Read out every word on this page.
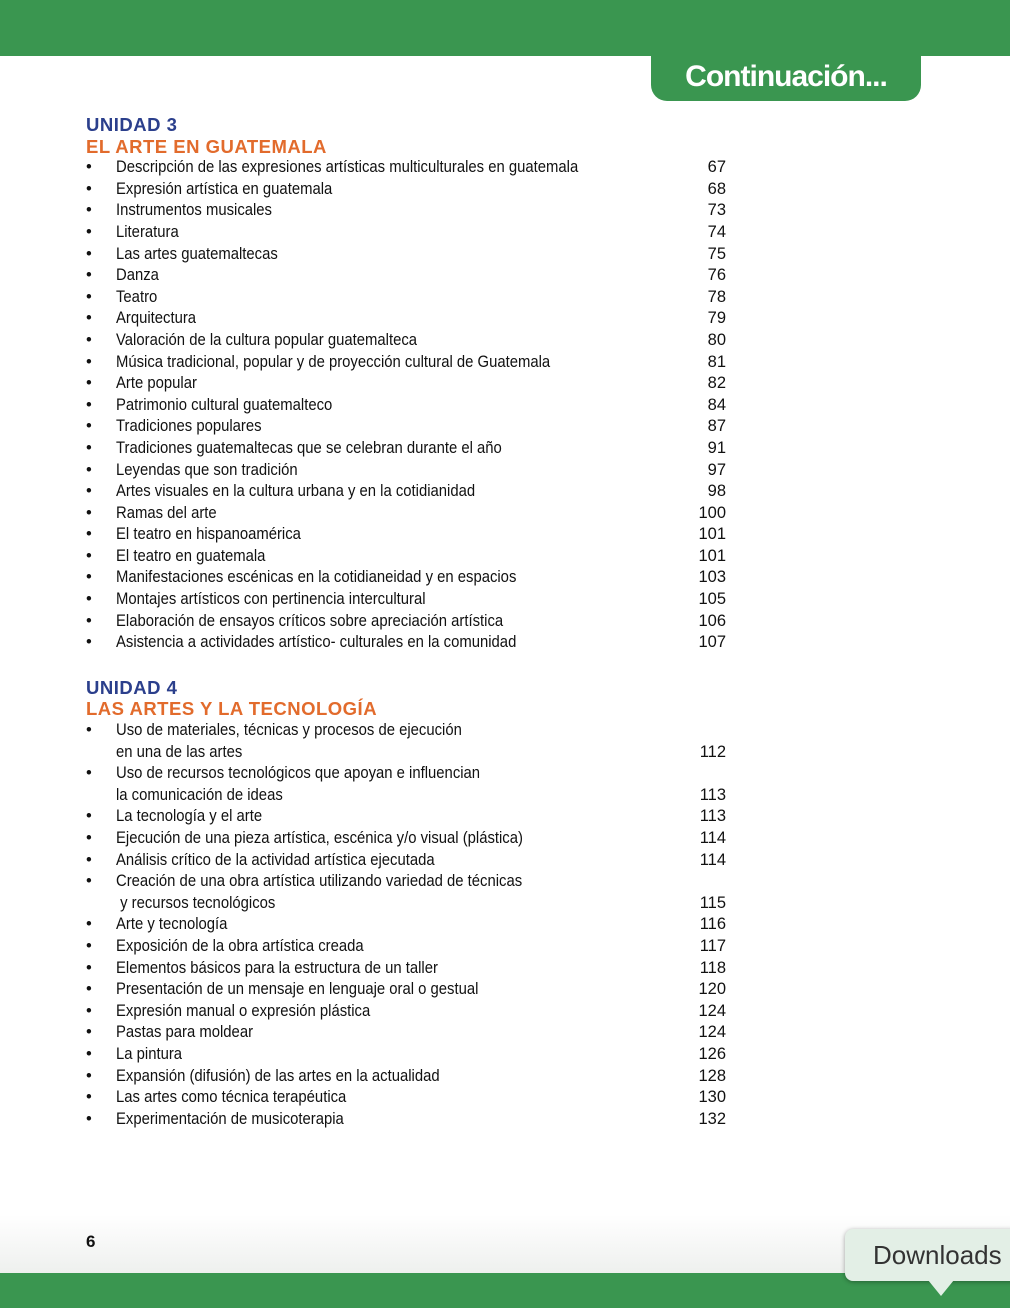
Continuación...
UNIDAD 3
EL ARTE EN GUATEMALA
• Descripción de las expresiones artísticas multiculturales en guatemala	67
• Expresión artística en guatemala	68
• Instrumentos musicales	73
• Literatura	74
• Las artes guatemaltecas	75
• Danza	76
• Teatro	78
• Arquitectura	79
• Valoración de la cultura popular guatemalteca	80
• Música tradicional, popular y de proyección cultural de Guatemala	81
• Arte popular	82
• Patrimonio cultural guatemalteco	84
• Tradiciones populares	87
• Tradiciones guatemaltecas que se celebran durante el año	91
• Leyendas que son tradición	97
• Artes visuales en la cultura urbana y en la cotidianidad	98
• Ramas del arte	100
• El teatro en hispanoamérica	101
• El teatro en guatemala	101
• Manifestaciones escénicas en la cotidianeidad y en espacios	103
• Montajes artísticos con pertinencia intercultural	105
• Elaboración de ensayos críticos sobre apreciación artística	106
• Asistencia a actividades artístico- culturales en la comunidad	107
UNIDAD 4
LAS ARTES Y LA TECNOLOGÍA
• Uso de materiales, técnicas y procesos de ejecución
en una de las artes	112
• Uso de recursos tecnológicos que apoyan e influencian
la comunicación de ideas	113
• La tecnología y el arte	113
• Ejecución de una pieza artística, escénica y/o visual (plástica)	114
• Análisis crítico de la actividad artística ejecutada	114
• Creación de una obra artística utilizando variedad de técnicas
y recursos tecnológicos	115
• Arte y tecnología	116
• Exposición de la obra artística creada	117
• Elementos básicos para la estructura de un taller	118
• Presentación de un mensaje en lenguaje oral o gestual	120
• Expresión manual o expresión plástica	124
• Pastas para moldear	124
• La pintura	126
• Expansión (difusión) de las artes en la actualidad	128
• Las artes como técnica terapéutica	130
• Experimentación de musicoterapia	132
6	Downloads
